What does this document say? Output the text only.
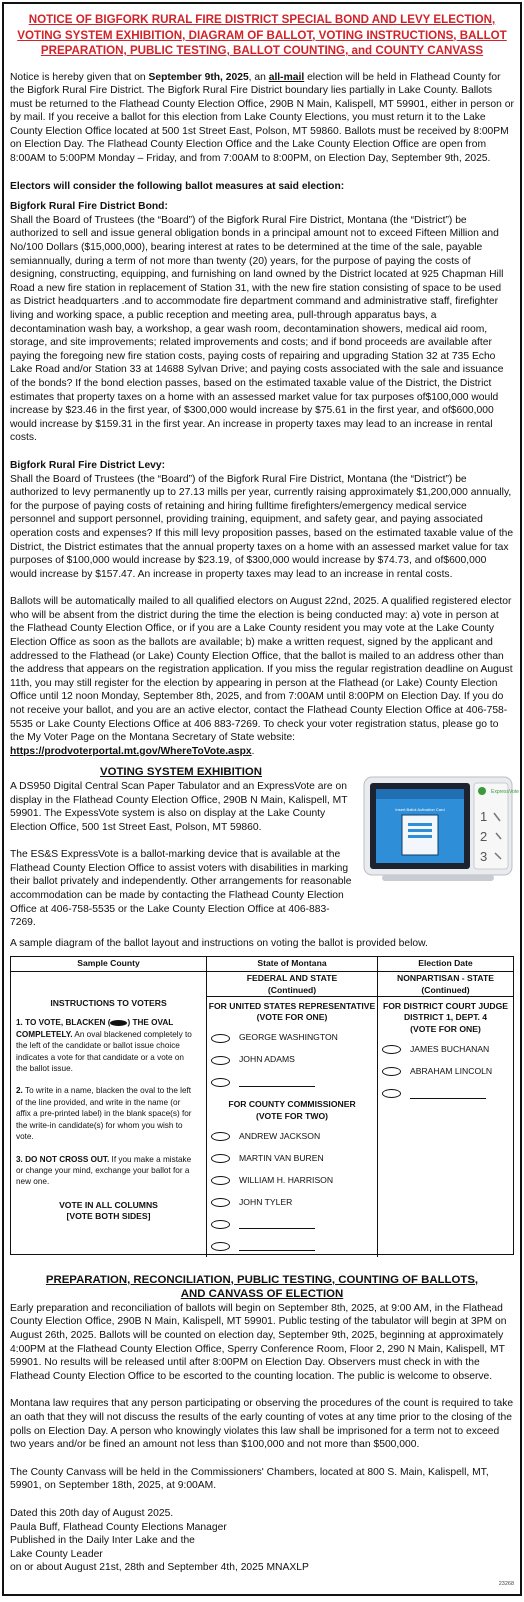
NOTICE OF BIGFORK RURAL FIRE DISTRICT SPECIAL BOND AND LEVY ELECTION, VOTING SYSTEM EXHIBITION, DIAGRAM OF BALLOT, VOTING INSTRUCTIONS, BALLOT PREPARATION, PUBLIC TESTING, BALLOT COUNTING, and COUNTY CANVASS

Notice is hereby given that on September 9th, 2025, an all-mail election will be held in Flathead County for the Bigfork Rural Fire District. The Bigfork Rural Fire District boundary lies partially in Lake County. Ballots must be returned to the Flathead County Election Office, 290B N Main, Kalispell, MT 59901, either in person or by mail. If you receive a ballot for this election from Lake County Elections, you must return it to the Lake County Election Office located at 500 1st Street East, Polson, MT 59860. Ballots must be received by 8:00PM on Election Day. The Flathead County Election Office and the Lake County Election Office are open from 8:00AM to 5:00PM Monday – Friday, and from 7:00AM to 8:00PM, on Election Day, September 9th, 2025.

Electors will consider the following ballot measures at said election:

Bigfork Rural Fire District Bond:

Shall the Board of Trustees (the “Board”) of the Bigfork Rural Fire District, Montana (the “District”) be authorized to sell and issue general obligation bonds in a principal amount not to exceed Fifteen Million and No/100 Dollars ($15,000,000), bearing interest at rates to be determined at the time of the sale, payable semiannually, during a term of not more than twenty (20) years, for the purpose of paying the costs of designing, constructing, equipping, and furnishing on land owned by the District located at 925 Chapman Hill Road a new fire station in replacement of Station 31, with the new fire station consisting of space to be used as District headquarters .and to accommodate fire department command and administrative staff, firefighter living and working space, a public reception and meeting area, pull-through apparatus bays, a decontamination wash bay, a workshop, a gear wash room, decontamination showers, medical aid room, storage, and site improvements; related improvements and costs; and if bond proceeds are available after paying the foregoing new fire station costs, paying costs of repairing and upgrading Station 32 at 735 Echo Lake Road and/or Station 33 at 14688 Sylvan Drive; and paying costs associated with the sale and issuance of the bonds? If the bond election passes, based on the estimated taxable value of the District, the District estimates that property taxes on a home with an assessed market value for tax purposes of$100,000 would increase by $23.46 in the first year, of $300,000 would increase by $75.61 in the first year, and of$600,000 would increase by $159.31 in the first year. An increase in property taxes may lead to an increase in rental costs.

Bigfork Rural Fire District Levy:

Shall the Board of Trustees (the “Board”) of the Bigfork Rural Fire District, Montana (the “District”) be authorized to levy permanently up to 27.13 mills per year, currently raising approximately $1,200,000 annually, for the purpose of paying costs of retaining and hiring fulltime firefighters/emergency medical service personnel and support personnel, providing training, equipment, and safety gear, and paying associated operation costs and expenses? If this mill levy proposition passes, based on the estimated taxable value of the District, the District estimates that the annual property taxes on a home with an assessed market value for tax purposes of $100,000 would increase by $23.19, of $300,000 would increase by $74.73, and of$600,000 would increase by $157.47. An increase in property taxes may lead to an increase in rental costs.

Ballots will be automatically mailed to all qualified electors on August 22nd, 2025. A qualified registered elector who will be absent from the district during the time the election is being conducted may: a) vote in person at the Flathead County Election Office, or if you are a Lake County resident you may vote at the Lake County Election Office as soon as the ballots are available; b) make a written request, signed by the applicant and addressed to the Flathead (or Lake) County Election Office, that the ballot is mailed to an address other than the address that appears on the registration application. If you miss the regular registration deadline on August 11th, you may still register for the election by appearing in person at the Flathead (or Lake) County Election Office until 12 noon Monday, September 8th, 2025, and from 7:00AM until 8:00PM on Election Day. If you do not receive your ballot, and you are an active elector, contact the Flathead County Election Office at 406-758-5535 or Lake County Elections Office at 406 883-7269. To check your voter registration status, please go to the My Voter Page on the Montana Secretary of State website: https://prodvoterportal.mt.gov/WhereToVote.aspx.

VOTING SYSTEM EXHIBITION

A DS950 Digital Central Scan Paper Tabulator and an ExpressVote are on display in the Flathead County Election Office, 290B N Main, Kalispell, MT 59901. The ExpessVote system is also on display at the Lake County Election Office, 500 1st Street East, Polson, MT 59860.

The ES&S ExpressVote is a ballot-marking device that is available at the Flathead County Election Office to assist voters with disabilities in marking their ballot privately and independently. Other arrangements for reasonable accommodation can be made by contacting the Flathead County Election Office at 406-758-5535 or the Lake County Election Office at 406-883-7269.

Insert Ballot Activation Card
ExpressVote
1
2
3

A sample diagram of the ballot layout and instructions on voting the ballot is provided below.

Sample County	State of Montana	Election Date
INSTRUCTIONS TO VOTERS
1. TO VOTE, BLACKEN ( ) THE OVAL COMPLETELY. An oval blackened completely to the left of the candidate or ballot issue choice indicates a vote for that candidate or a vote on the ballot issue.
2. To write in a name, blacken the oval to the left of the line provided, and write in the name (or affix a pre-printed label) in the blank space(s) for the write-in candidate(s) for whom you wish to vote.
3. DO NOT CROSS OUT. If you make a mistake or change your mind, exchange your ballot for a new one.
VOTE IN ALL COLUMNS
[VOTE BOTH SIDES]
FEDERAL AND STATE
(Continued)
FOR UNITED STATES REPRESENTATIVE
(VOTE FOR ONE)
GEORGE WASHINGTON
JOHN ADAMS
FOR COUNTY COMMISSIONER
(VOTE FOR TWO)
ANDREW JACKSON
MARTIN VAN BUREN
WILLIAM H. HARRISON
JOHN TYLER
NONPARTISAN - STATE
(Continued)
FOR DISTRICT COURT JUDGE
DISTRICT 1, DEPT. 4
(VOTE FOR ONE)
JAMES BUCHANAN
ABRAHAM LINCOLN
PREPARATION, RECONCILIATION, PUBLIC TESTING, COUNTING OF BALLOTS,
AND CANVASS OF ELECTION

Early preparation and reconciliation of ballots will begin on September 8th, 2025, at 9:00 AM, in the Flathead County Election Office, 290B N Main, Kalispell, MT 59901. Public testing of the tabulator will begin at 3PM on August 26th, 2025. Ballots will be counted on election day, September 9th, 2025, beginning at approximately 4:00PM at the Flathead County Election Office, Sperry Conference Room, Floor 2, 290 N Main, Kalispell, MT 59901. No results will be released until after 8:00PM on Election Day. Observers must check in with the Flathead County Election Office to be escorted to the counting location. The public is welcome to observe.

Montana law requires that any person participating or observing the procedures of the count is required to take an oath that they will not discuss the results of the early counting of votes at any time prior to the closing of the polls on Election Day. A person who knowingly violates this law shall be imprisoned for a term not to exceed two years and/or be fined an amount not less than $100,000 and not more than $500,000.

The County Canvass will be held in the Commissioners' Chambers, located at 800 S. Main, Kalispell, MT, 59901, on September 18th, 2025, at 9:00AM.

Dated this 20th day of August 2025.

Paula Buff, Flathead County Elections Manager

Published in the Daily Inter Lake and the

Lake County Leader

on or about August 21st, 28th and September 4th, 2025 MNAXLP

23268
